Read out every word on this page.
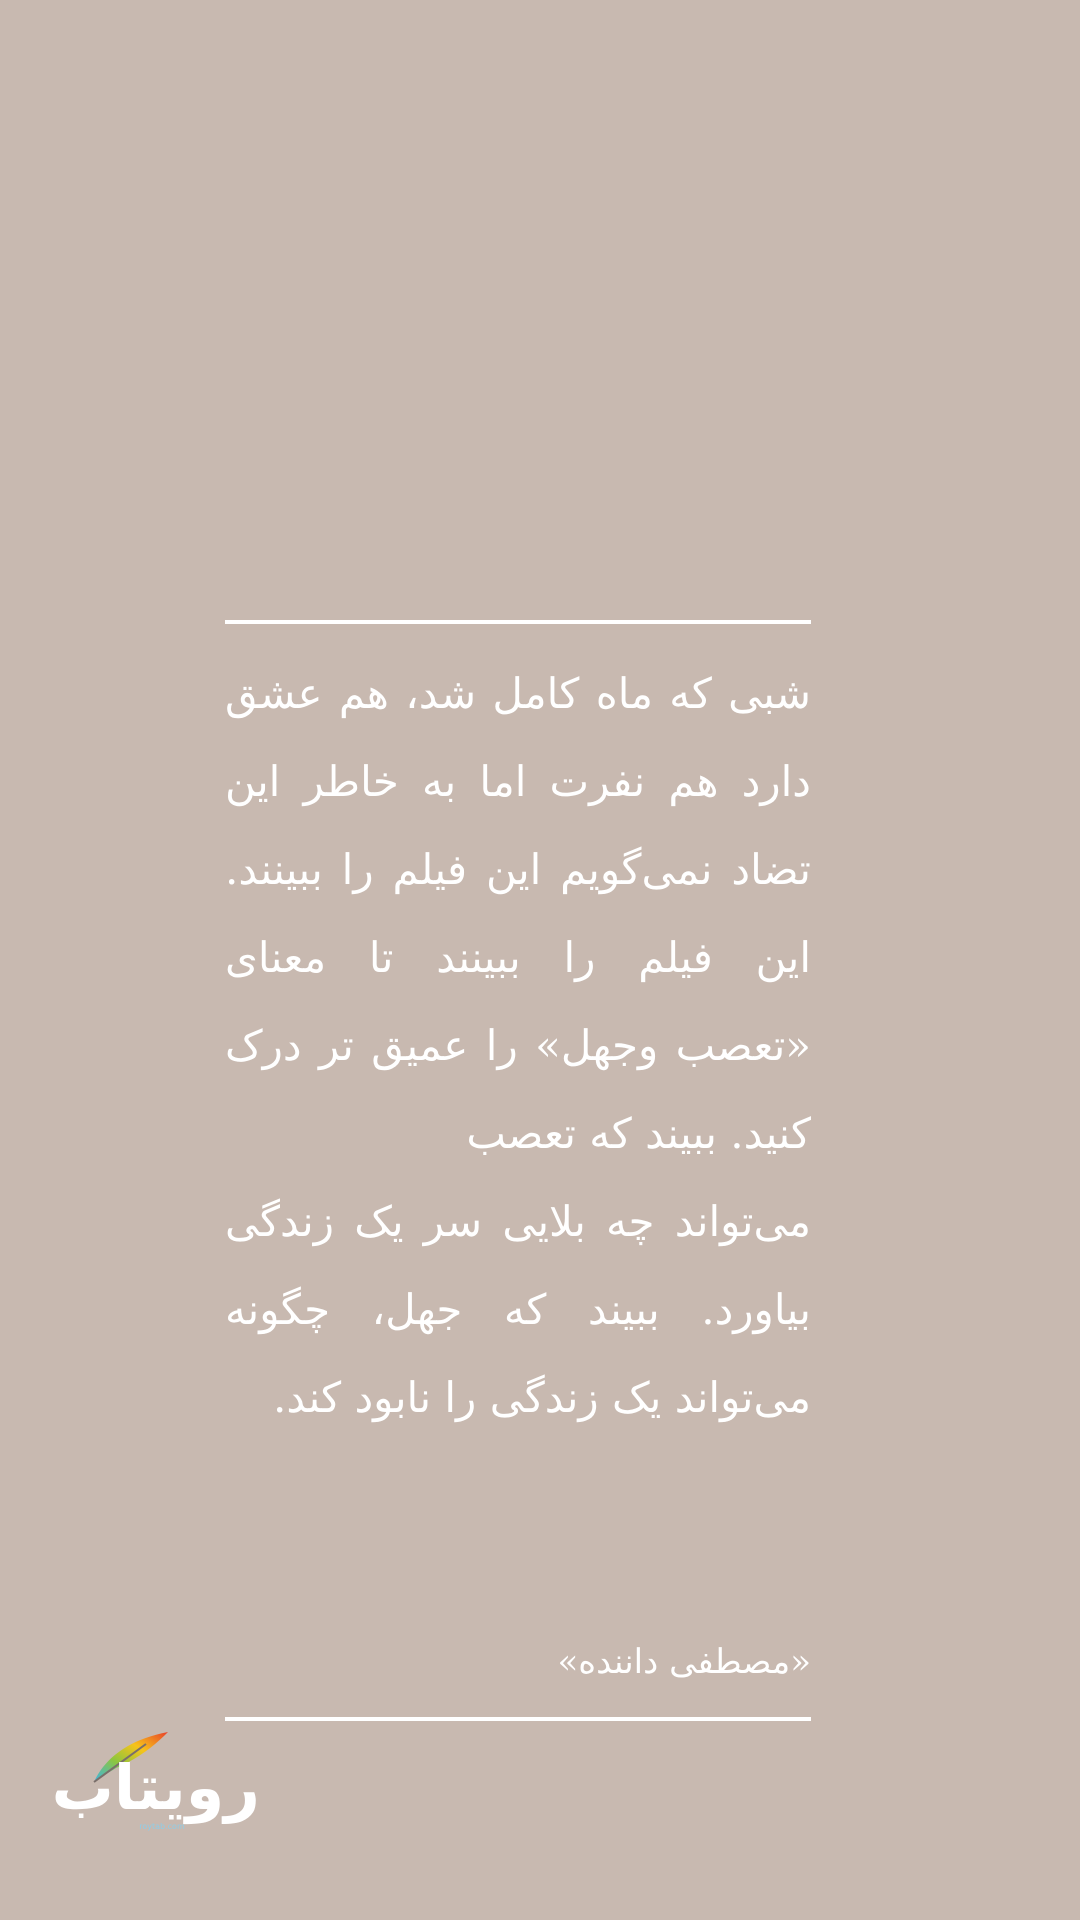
شبی که ماه کامل شد، هم عشق دارد هم نفرت اما به خاطر این تضاد نمی‌گویم این فیلم را ببینند. این فیلم را ببینند تا معنای «تعصب وجهل» را عمیق تر درک کنید. ببیند که تعصب

می‌تواند چه بلایی سر یک زندگی بیاورد. ببیند که جهل، چگونه می‌تواند یک زندگی را نابود کند.

«مصطفی داننده»
رویتاب
roytab.com
